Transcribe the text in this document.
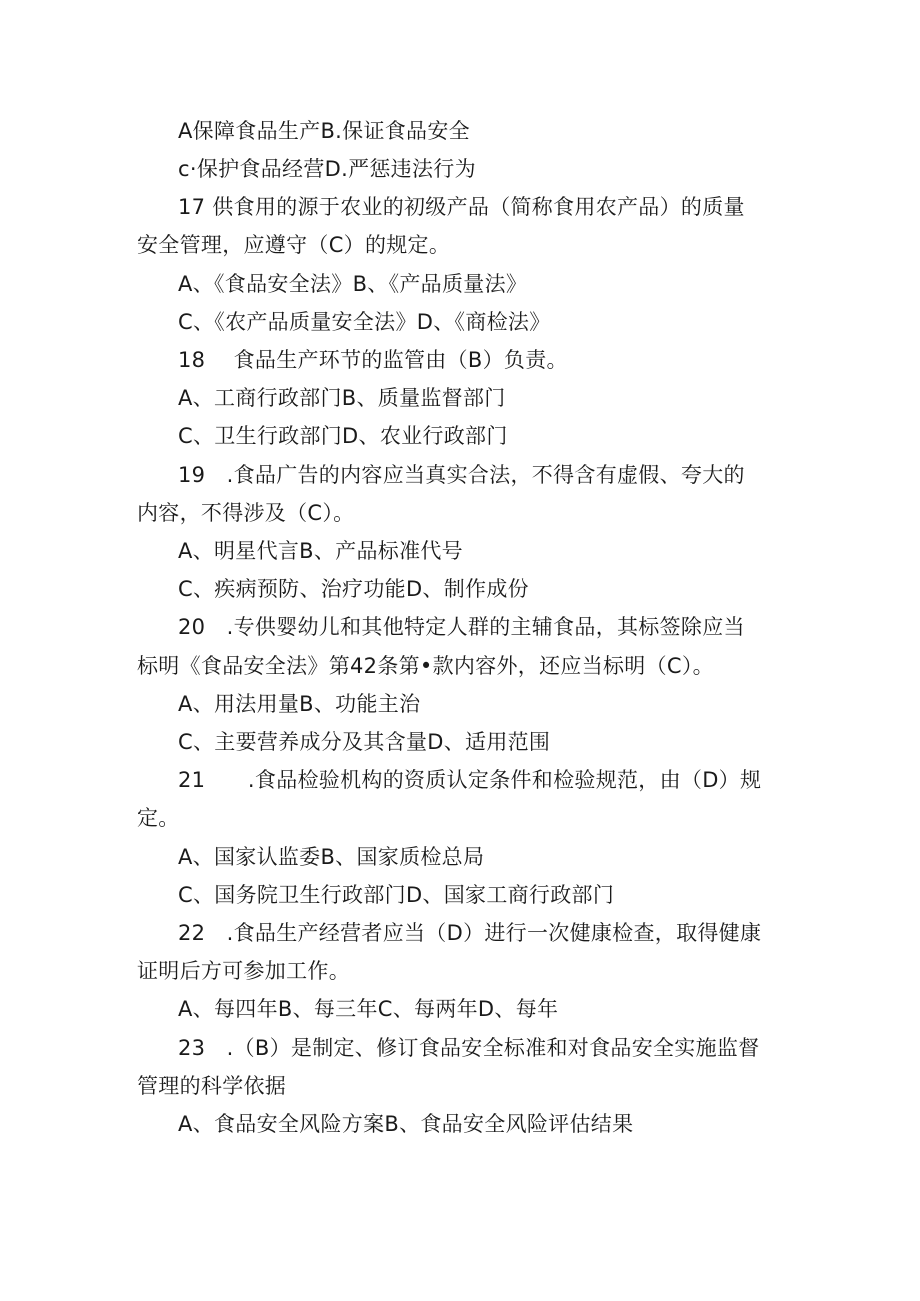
A保障食品生产B.保证食品安全
c·保护食品经营D.严惩违法行为
17 供食用的源于农业的初级产品（简称食用农产品）的质量
安全管理，应遵守（C）的规定。
A、《食品安全法》B、《产品质量法》
C、《农产品质量安全法》D、《商检法》
18　 食品生产环节的监管由（B）负责。
A、工商行政部门B、质量监督部门
C、卫生行政部门D、农业行政部门
19　.食品广告的内容应当真实合法，不得含有虚假、夸大的
内容，不得涉及（C）。
A、明星代言B、产品标准代号
C、疾病预防、治疗功能D、制作成份
20　.专供婴幼儿和其他特定人群的主辅食品，其标签除应当
标明《食品安全法》第42条第•款内容外，还应当标明（C）。
A、用法用量B、功能主治
C、主要营养成分及其含量D、适用范围
21　　.食品检验机构的资质认定条件和检验规范，由（D）规
定。
A、国家认监委B、国家质检总局
C、国务院卫生行政部门D、国家工商行政部门
22　.食品生产经营者应当（D）进行一次健康检查，取得健康
证明后方可参加工作。
A、每四年B、每三年C、每两年D、每年
23　.（B）是制定、修订食品安全标准和对食品安全实施监督
管理的科学依据
A、食品安全风险方案B、食品安全风险评估结果
